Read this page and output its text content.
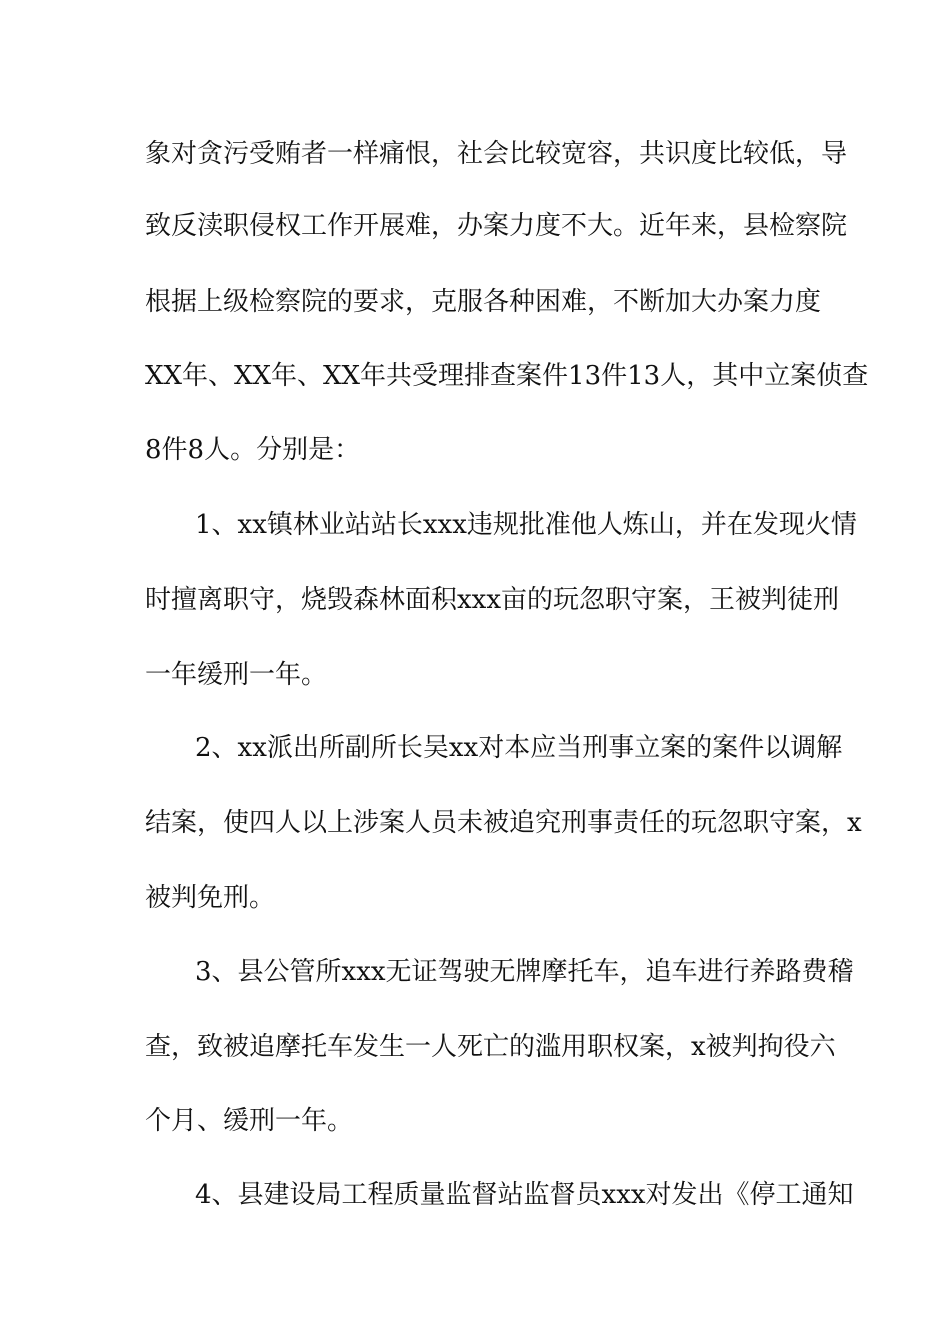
象对贪污受贿者一样痛恨，社会比较宽容，共识度比较低，导
致反渎职侵权工作开展难，办案力度不大。近年来，县检察院
根据上级检察院的要求，克服各种困难，不断加大办案力度
XX年、XX年、XX年共受理排查案件13件13人，其中立案侦查
8件8人。分别是：
1、xx镇林业站站长xxx违规批准他人炼山，并在发现火情
时擅离职守，烧毁森林面积xxx亩的玩忽职守案，王被判徒刑
一年缓刑一年。
2、xx派出所副所长吴xx对本应当刑事立案的案件以调解
结案，使四人以上涉案人员未被追究刑事责任的玩忽职守案，x
被判免刑。
3、县公管所xxx无证驾驶无牌摩托车，追车进行养路费稽
查，致被追摩托车发生一人死亡的滥用职权案，x被判拘役六
个月、缓刑一年。
4、县建设局工程质量监督站监督员xxx对发出《停工通知
